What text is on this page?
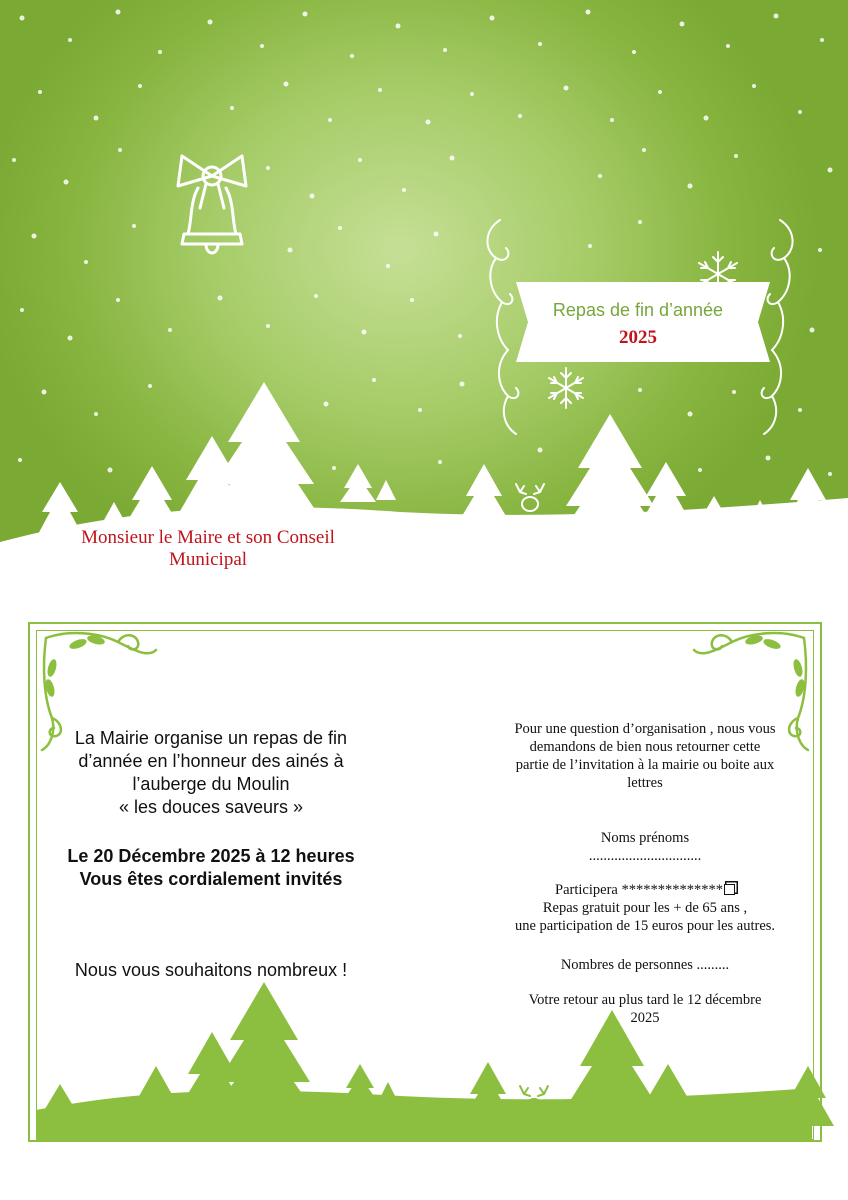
Repas de fin d’année
2025
Monsieur le Maire et son Conseil
Municipal

La Mairie organise un repas de fin

d’année en l’honneur des ainés à

l’auberge du Moulin

« les douces saveurs »

Le 20 Décembre 2025 à 12 heures
Vous êtes cordialement invités
Nous vous souhaitons nombreux !
Pour une question d’organisation , nous vous
demandons de bien nous retourner cette
partie de l’invitation à la mairie ou boite aux
lettres
Noms prénoms
...............................
Participera **************
Repas gratuit pour les + de 65 ans ,
une participation de 15 euros pour les autres.
Nombres de personnes .........
Votre retour au plus tard le 12 décembre
2025
